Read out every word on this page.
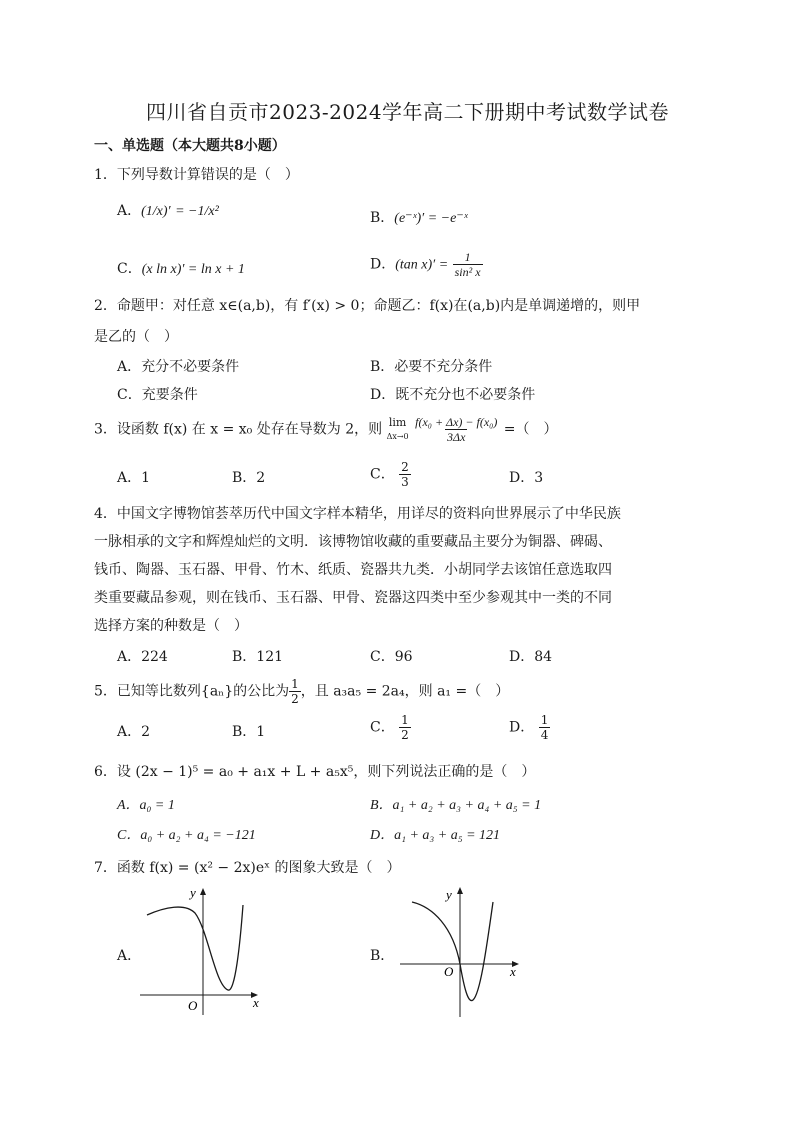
四川省自贡市2023-2024学年高二下册期中考试数学试卷
一、单选题（本大题共8小题）
1．下列导数计算错误的是（　）
A．(1/x)′ = −1/x²	B．(e⁻ˣ)′ = −e⁻ˣ
C．(x ln x)′ = ln x + 1	D．(tan $x)' = \frac{1}{\text{sin² x}}$
2．命题甲：对任意 x∈(a,b)，有 f′(x) > 0；命题乙：f(x)在(a,b)内是单调递增的，则甲
是乙的（　）
A．充分不必要条件	B．必要不充分条件
C．充要条件	D．既不充分也不必要条件
3．设函数 f(x) 在 x = x₀ 处存在导数为 2，则 lim
Δx→0
$\frac{\text{f(x₀ + Δx) − f(x₀)}}{3\Delta x}$ =（　）
A．1	B．2	C． $\frac{2}{3}$	D．3
4．中国文字博物馆荟萃历代中国文字样本精华，用详尽的资料向世界展示了中华民族
一脉相承的文字和辉煌灿烂的文明．该博物馆收藏的重要藏品主要分为铜器、碑碣、
钱币、陶器、玉石器、甲骨、竹木、纸质、瓷器共九类．小胡同学去该馆任意选取四
类重要藏品参观，则在钱币、玉石器、甲骨、瓷器这四类中至少参观其中一类的不同
选择方案的种数是（　）
A．224	B．121	C．96	D．84
5．已知等比数列{aₙ}的公比为 $\frac{1}{2}$ ，且 a₃a₅ = 2a₄，则 a₁ =（　）
A．2	B．1	C． $\frac{1}{2}$	D． $\frac{1}{4}$
6．设 (2x − 1)⁵ = a₀ + a₁x + L + a₅x⁵，则下列说法正确的是（　）
A．a₀ = 1	B．a₁ + a₂ + a₃ + a₄ + a₅ = 1
C．a₀ + a₂ + a₄ = −121	D．a₁ + a₃ + a₅ = 121
7．函数 f(x) = (x² − 2x)eˣ 的图象大致是（　）
A．	B．
y
x
O
y
x
O
